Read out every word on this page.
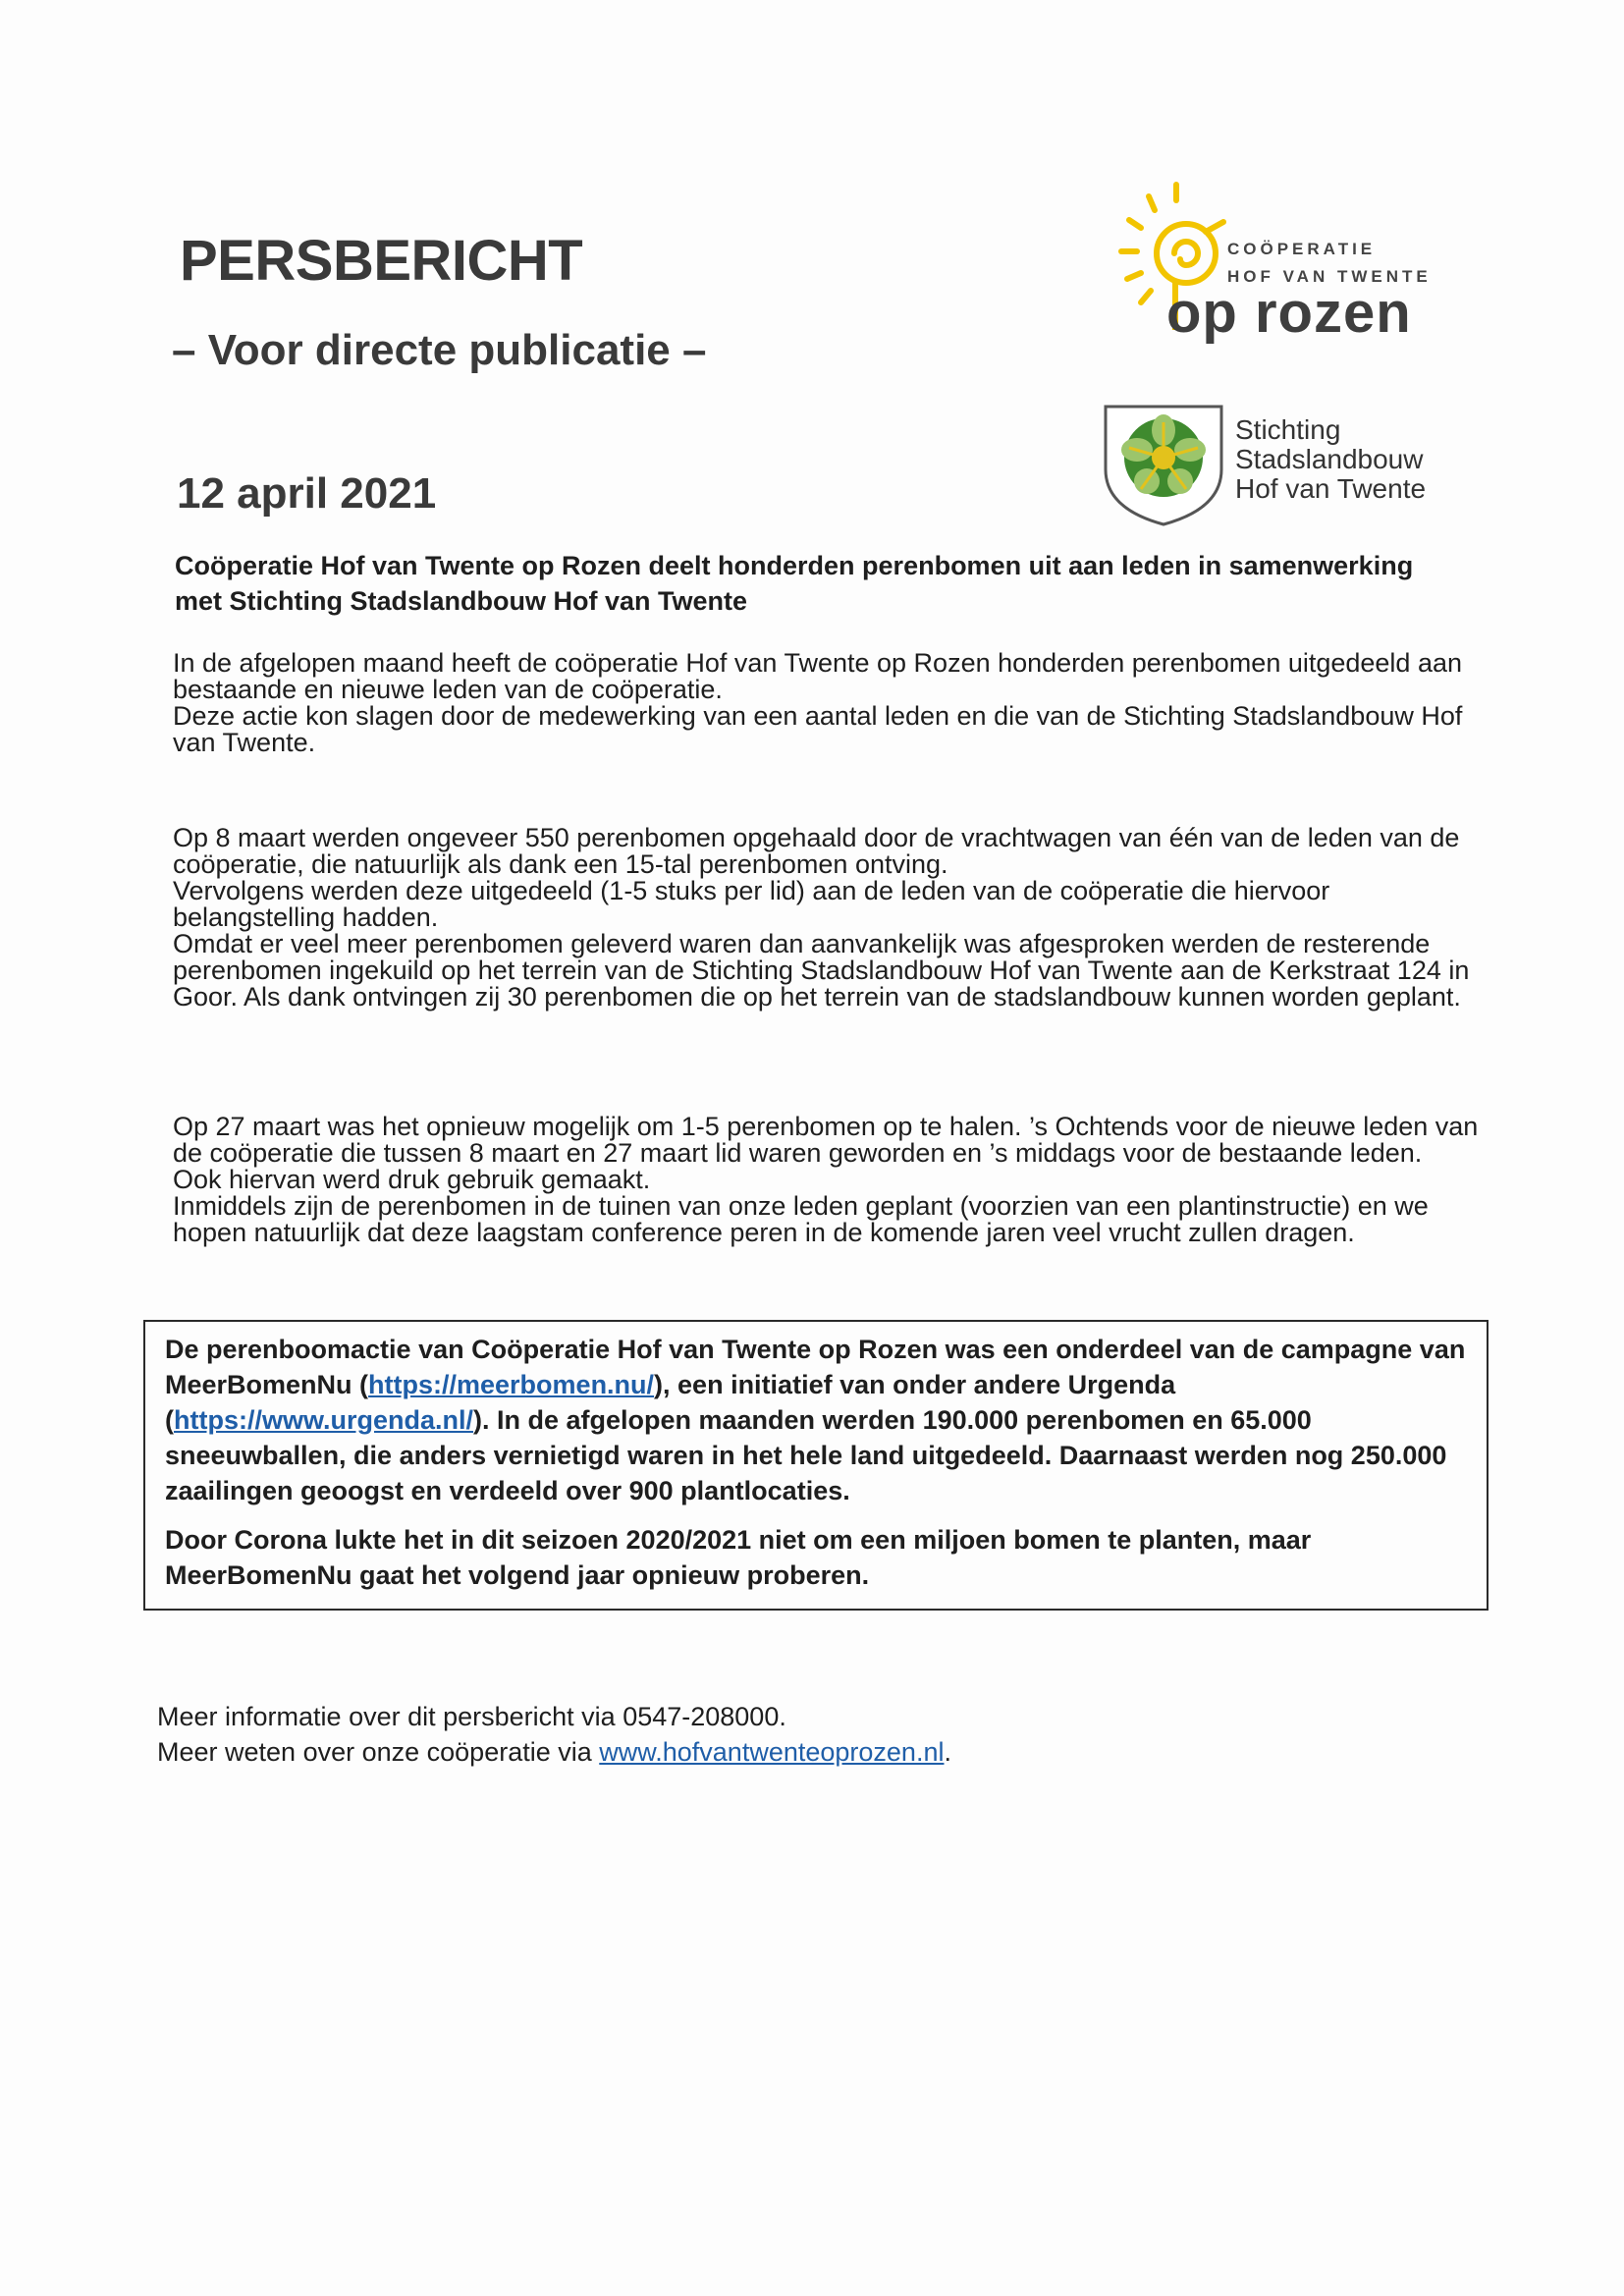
PERSBERICHT
– Voor directe publicatie –
12 april 2021
COÖPERATIE
HOF VAN TWENTE
op rozen
Stichting
Stadslandbouw
Hof van Twente

Coöperatie Hof van Twente op Rozen deelt honderden perenbomen uit aan leden in samenwerking met Stichting Stadslandbouw Hof van Twente

In de afgelopen maand heeft de coöperatie Hof van Twente op Rozen honderden perenbomen uitgedeeld aan bestaande en nieuwe leden van de coöperatie.

Deze actie kon slagen door de medewerking van een aantal leden en die van de Stichting Stadslandbouw Hof van Twente.

Op 8 maart werden ongeveer 550 perenbomen opgehaald door de vrachtwagen van één van de leden van de coöperatie, die natuurlijk als dank een 15-tal perenbomen ontving.

Vervolgens werden deze uitgedeeld (1-5 stuks per lid) aan de leden van de coöperatie die hiervoor belangstelling hadden.

Omdat er veel meer perenbomen geleverd waren dan aanvankelijk was afgesproken werden de resterende perenbomen ingekuild op het terrein van de Stichting Stadslandbouw Hof van Twente aan de Kerkstraat 124 in Goor. Als dank ontvingen zij 30 perenbomen die op het terrein van de stadslandbouw kunnen worden geplant.

Op 27 maart was het opnieuw mogelijk om 1-5 perenbomen op te halen. ’s Ochtends voor de nieuwe leden van de coöperatie die tussen 8 maart en 27 maart lid waren geworden en ’s middags voor de bestaande leden.

Ook hiervan werd druk gebruik gemaakt.

Inmiddels zijn de perenbomen in de tuinen van onze leden geplant (voorzien van een plantinstructie) en we hopen natuurlijk dat deze laagstam conference peren in de komende jaren veel vrucht zullen dragen.

De perenboomactie van Coöperatie Hof van Twente op Rozen was een onderdeel van de campagne van MeerBomenNu (https://meerbomen.nu/), een initiatief van onder andere Urgenda (https://www.urgenda.nl/). In de afgelopen maanden werden 190.000 perenbomen en 65.000 sneeuwballen, die anders vernietigd waren in het hele land uitgedeeld. Daarnaast werden nog 250.000 zaailingen geoogst en verdeeld over 900 plantlocaties.

Door Corona lukte het in dit seizoen 2020/2021 niet om een miljoen bomen te planten, maar MeerBomenNu gaat het volgend jaar opnieuw proberen.

Meer informatie over dit persbericht via 0547-208000.
Meer weten over onze coöperatie via www.hofvantwenteoprozen.nl.
